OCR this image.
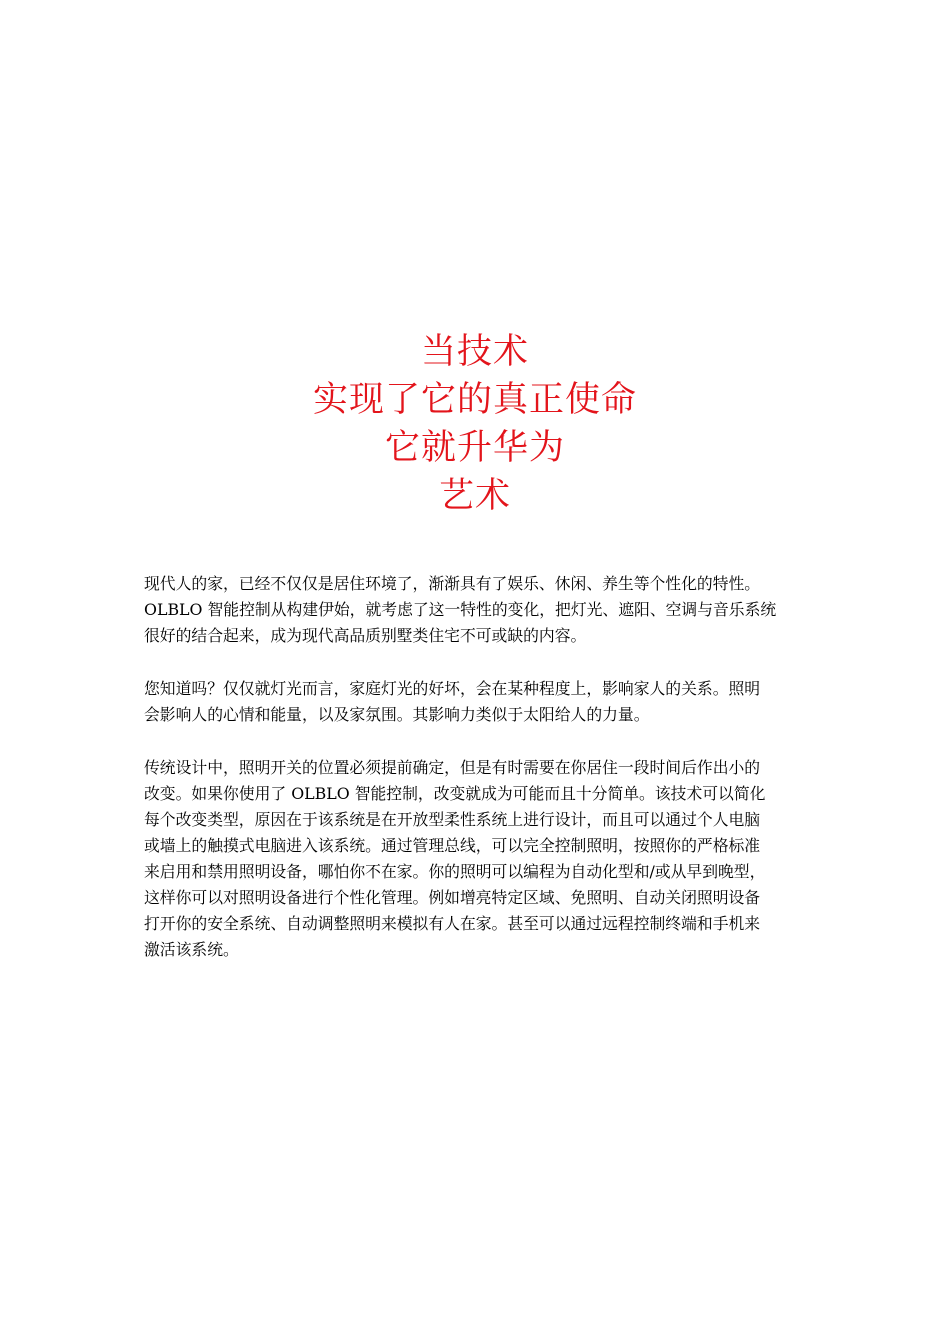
当技术
实现了它的真正使命
它就升华为
艺术

现代人的家，已经不仅仅是居住环境了，渐渐具有了娱乐、休闲、养生等个性化的特性。
OLBLO 智能控制从构建伊始，就考虑了这一特性的变化，把灯光、遮阳、空调与音乐系统
很好的结合起来，成为现代高品质别墅类住宅不可或缺的内容。

您知道吗？仅仅就灯光而言，家庭灯光的好坏，会在某种程度上，影响家人的关系。照明
会影响人的心情和能量，以及家氛围。其影响力类似于太阳给人的力量。

传统设计中，照明开关的位置必须提前确定，但是有时需要在你居住一段时间后作出小的
改变。如果你使用了 OLBLO 智能控制，改变就成为可能而且十分简单。该技术可以简化
每个改变类型，原因在于该系统是在开放型柔性系统上进行设计，而且可以通过个人电脑
或墙上的触摸式电脑进入该系统。通过管理总线，可以完全控制照明，按照你的严格标准
来启用和禁用照明设备，哪怕你不在家。你的照明可以编程为自动化型和/或从早到晚型，
这样你可以对照明设备进行个性化管理。例如增亮特定区域、免照明、自动关闭照明设备
打开你的安全系统、自动调整照明来模拟有人在家。甚至可以通过远程控制终端和手机来
激活该系统。
